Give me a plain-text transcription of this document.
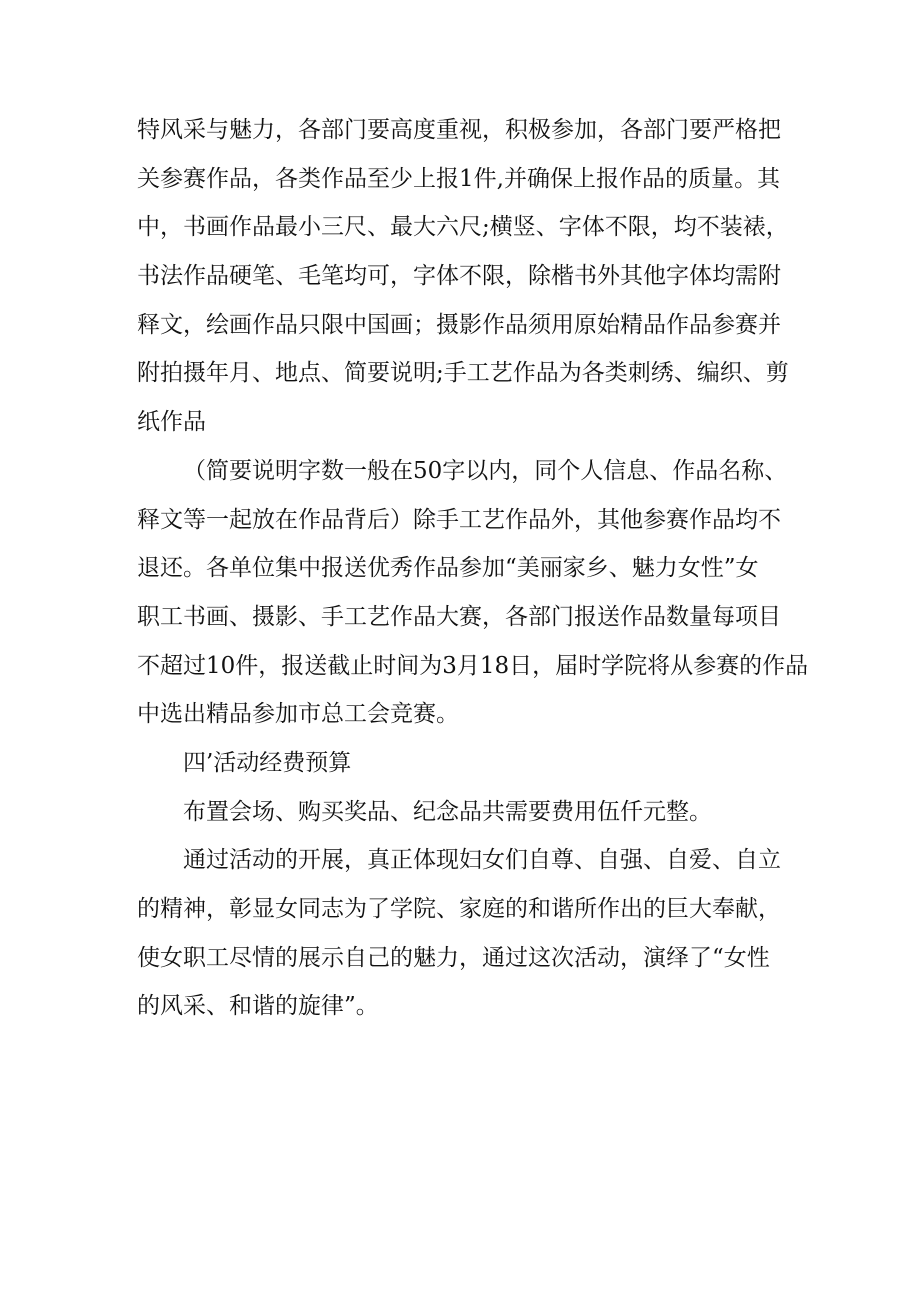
特风采与魅力，各部门要高度重视，积极参加，各部门要严格把
关参赛作品，各类作品至少上报1件,并确保上报作品的质量。其
中，书画作品最小三尺、最大六尺;横竖、字体不限，均不装裱，
书法作品硬笔、毛笔均可，字体不限，除楷书外其他字体均需附
释文，绘画作品只限中国画；摄影作品须用原始精品作品参赛并
附拍摄年月、地点、简要说明;手工艺作品为各类刺绣、编织、剪
纸作品
（简要说明字数一般在50字以内，同个人信息、作品名称、
释文等一起放在作品背后）除手工艺作品外，其他参赛作品均不
退还。各单位集中报送优秀作品参加“美丽家乡、魅力女性”女
职工书画、摄影、手工艺作品大赛，各部门报送作品数量每项目
不超过10件，报送截止时间为3月18日，届时学院将从参赛的作品
中选出精品参加市总工会竞赛。
四’活动经费预算
布置会场、购买奖品、纪念品共需要费用伍仟元整。
通过活动的开展，真正体现妇女们自尊、自强、自爱、自立
的精神，彰显女同志为了学院、家庭的和谐所作出的巨大奉献，
使女职工尽情的展示自己的魅力，通过这次活动，演绎了“女性
的风采、和谐的旋律”。
